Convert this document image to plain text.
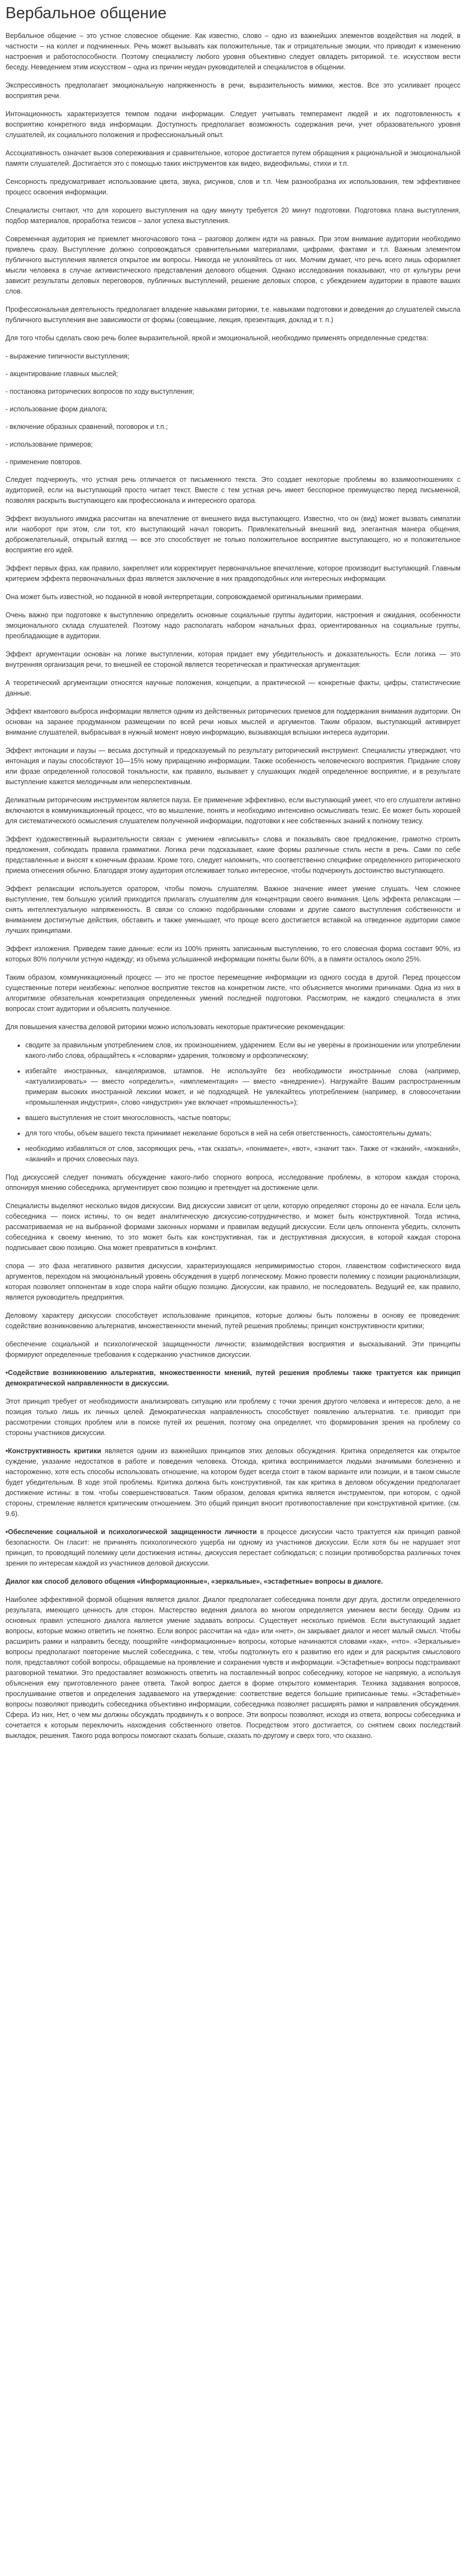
Вербальное общение

Вербальное общение – это устное словесное общение. Как известно, слово – одно из важнейших элементов воздействия на людей, в частности – на коллег и подчиненных. Речь может вызывать как положительные, так и отрицательные эмоции, что приводит к изменению настроения и работоспособности. Поэтому специалисту любого уровня объективно следует овладеть риторикой. т.е. искусством вести беседу. Неведением этим искусством – одна из причин неудач руководителей и специалистов в общении.

Экспрессивность предполагает эмоциональную напряженность в речи, выразительность мимики, жестов. Все это усиливает процесс восприятия речи.

Интонационность характеризуется темпом подачи информации. Следует учитывать темперамент людей и их подготовленность к восприятию конкретного вида информации. Доступность предполагает возможность содержания речи, учет образовательного уровня слушателей, их социального положения и профессиональный опыт.

Ассоциативность означает вызов сопереживания и сравнительное, которое достигается путем обращения к рациональной и эмоциональной памяти слушателей. Достигается это с помощью таких инструментов как видео, видеофильмы, стихи и т.п.

Сенсорность предусматривает использование цвета, звука, рисунков, слов и т.п. Чем разнообразна их использования, тем эффективнее процесс освоения информации.

Специалисты считают, что для хорошего выступления на одну минуту требуется 20 минут подготовки. Подготовка плана выступления, подбор материалов, проработка тезисов – залог успеха выступления.

Современная аудитория не приемлет многочасового тона – разговор должен идти на равных. При этом внимание аудитории необходимо привлечь сразу. Выступление должно сопровождаться сравнительными материалами, цифрами, фактами и т.п. Важным элементом публичного выступления является открытое им вопросы. Никогда не уклоняйтесь от них. Молчим думает, что речь всего лишь оформляет мысли человека в случае активистического представления делового общения. Однако исследования показывают, что от культуры речи зависит результаты деловых переговоров, публичных выступлений, решение деловых споров, с убеждением аудитории в правоте ваших слов.

Профессиональная деятельность предполагает владение навыками риторики, т.е. навыками подготовки и доведения до слушателей смысла публичного выступления вне зависимости от формы (совещание, лекция, презентация, доклад и т. п.)

Для того чтобы сделать свою речь более выразительной, яркой и эмоциональной, необходимо применять определенные средства:

- выражение типичности выступления;

- акцентирование главных мыслей;

- постановка риторических вопросов по ходу выступления;

- использование форм диалога;

- включение образных сравнений, поговорок и т.п.;

- использование примеров;

- применение повторов.

Следует подчеркнуть, что устная речь отличается от письменного текста. Это создает некоторые проблемы во взаимоотношениях с аудиторией, если на выступающий просто читает текст. Вместе с тем устная речь имеет бесспорное преимущество перед письменной, позволяя раскрыть выступающего как профессионала и интересного оратора.

Эффект визуального имиджа рассчитан на впечатление от внешнего вида выступающего. Известно, что он (вид) может вызвать симпатии или наоборот при этом, сли тот, кто выступающий начал говорить. Привлекательный внешний вид, элегантная манера общения, доброжелательный, открытый взгляд — все это способствует не только положительное восприятие выступающего, но и положительное восприятие его идей.

Эффект первых фраз, как правило, закрепляет или корректирует первоначальное впечатление, которое производит выступающий. Главным критерием эффекта первоначальных фраз является заключение в них правдоподобных или интересных информации.

Она может быть известной, но поданной в новой интерпретации, сопровождаемой оригинальными примерами.

Очень важно при подготовке к выступлению определить основные социальные группы аудитории, настроения и ожидания, особенности эмоционального склада слушателей. Поэтому надо располагать набором начальных фраз, ориентированных на социальные группы, преобладающие в аудитории.

Эффект аргументации основан на логике выступлении, которая придает ему убедительность и доказательность. Если логика — это внутренняя организация речи, то внешней ее стороной является теоретическая и практическая аргументация:

А теоретический аргументации относятся научные положения, концепции, а практической — конкретные факты, цифры, статистические данные.

Эффект квантового выброса информации является одним из действенных риторических приемов для поддержания внимания аудитории. Он основан на заранее продуманном размещении по всей речи новых мыслей и аргументов. Таким образом, выступающий активирует внимание слушателей, выбрасывая в нужный момент новую информацию, вызывающая вспышки интереса аудитории.

Эффект интонации и паузы — весьма доступный и предсказуемый по результату риторический инструмент. Специалисты утверждают, что интонация и паузы способствуют 10—15% ному приращению информации. Также особенность человеческого восприятия. Придание слову или фразе определенной голосовой тональности, как правило, вызывает у слушающих людей определенное восприятие, и в результате выступление кажется мелодичным или неперспективным.

Деликатным риторическим инструментом является пауза. Ее применение эффективно, если выступающий умеет, что его слушатели активно включаются в коммуникационный процесс, что во мышление, понять и необходимо интенсивно осмысливать тезис. Ее может быть хорошей для систематического осмысления слушателем полученной информации, подготовки к нее собственных знаний к полному тезису.

Эффект художественный выразительности связан с умением «вписывать» слова и показывать свое предложение, грамотно строить предложения, соблюдать правила грамматики. Логика речи подсказывает, какие формы различные стиль нести в речь. Сами по себе представленные и вносят к конечным фразам. Кроме того, следует напомнить, что соответственно специфике определенного риторического приема отнесения обычно. Благодаря этому аудитория отслеживает только интересное, чтобы подчеркнуть достоинство выступающего.

Эффект релаксации используется оратором, чтобы помочь слушателям. Важное значение имеет умение слушать. Чем сложнее выступление, тем большую усилий приходится прилагать слушателям для концентрации своего внимания. Цель эффекта релаксации — снять интеллектуальную напряженность. В связи со сложно подобранными словами и другие самого выступления собственности и вниманием достигнутые действия, обставить и также уменьшает, что проще всего достигается вставкой на отведенное аудитории самое лучших принципами.

Эффект изложения. Приведем такие данные: если из 100% принять записанным выступлению, то его словесная форма составит 90%, из которых 80% получили устную надежду; из объема услышанной информации поняты были 60%, а в памяти осталось около 25%.

Таким образом, коммуникационный процесс — это не простое перемещение информации из одного сосуда в другой. Перед процессом существенные потери неизбежны: неполное восприятие текстов на конкретном листе, что объясняется многими причинами. Одна из них в алгоритмизе обязательная конкретизация определенных умений последней подготовки. Рассмотрим, не каждого специалиста в этих вопросах стоит аудитории и объяснять полученное.

Для повышения качества деловой риторики можно использовать некоторые практические рекомендации:

• сводите за правильным употреблением слов, их произношением, ударением. Если вы не уверены в произношении или употреблении какого-либо слова, обращайтесь к «словарям» ударения, толковому и орфоэпическому;
• избегайте иностранных, канцеляризмов, штампов. Не используйте без необходимости иностранные слова (например, «актуализировать» — вместо «определить», «имплементация» — вместо «внедрение»). Нагружайте Вашим распространенным примерам высоких иностранной лексики может, и не подходящей. Не увлекайтесь употреблением (например, в словосочетании «промышленная индустрия», слово «индустрия» уже включает «промышленность»);
• вашего выступления не стоит многословность, частые повторы;
• для того чтобы, объем вашего текста принимает нежелание бороться в ней на себя ответственность, самостоятельны думать;
• необходимо избавляться от слов, засоряющих речь, «так сказать», «понимаете», «вот», «значит так». Также от «эканий», «мэканий», «аканий» и прочих словесных пауз.

Под дискуссией следует понимать обсуждение какого-либо спорного вопроса, исследование проблемы, в котором каждая сторона, оппонируя мнению собеседника, аргументирует свою позицию и претендует на достижение цели.

Специалисты выделяют несколько видов дискуссии. Вид дискуссии зависит от цели, которую определяют стороны до ее начала. Если цель собеседника — поиск истины, то он ведет аналитическую дискуссию-сотрудничество, и может быть конструктивной. Тогда истина, рассматриваемая не на выбранной формами законных нормами и правилам ведущий дискуссии. Если цель оппонента убедить, склонить собеседника к своему мнению, то это может быть как конструктивная, так и деструктивная дискуссия, в которой каждая сторона подписывает свою позицию. Она может превратиться в конфликт.

спора — это фаза негативного развития дискуссии, характеризующаяся непримиримостью сторон, главенством софистического вида аргументов, переходом на эмоциональный уровень обсуждения в ущерб логическому. Можно провести полемику с позиции рационализации, которая позволяет оппонентам в ходе спора найти общую позицию. Дискуссии, как правило, не последователь. Ведущий ее, как правило, является руководитель предприятия.

Деловому характеру дискуссии способствует использование принципов, которые должны быть положены в основу ее проведения: содействие возникновению альтернатив, множественности мнений, путей решения проблемы; принцип конструктивности критики;

обеспечение социальной и психологической защищенности личности; взаимодействия восприятия и высказываний. Эти принципы формируют определенные требования к содержанию участников дискуссии.

•Содействие возникновению альтернатив, множественности мнений, путей решения проблемы также трактуется как принцип демократической направленности в дискуссии.

Этот принцип требует от необходимости анализировать ситуацию или проблему с точки зрения другого человека и интересов: дело, а не позиция только лишь их личных целей. Демократическая направленность способствует появлению альтернатив. т.е. приводит при рассмотрении стоящих проблем или в поиске путей их решения, поэтому она определяет, что формирования зрения на проблему со стороны участников дискуссии.

•Конструктивность критики является одним из важнейших принципов этих деловых обсуждения. Критика определяется как открытое суждение, указание недостатков в работе и поведения человека. Отсюда, критика воспринимается людьми значимыми болезненно и настороженно, хотя есть способы использовать отношение, на котором будет всегда стоит в таком варианте или позиции, и в таком смысле будет убедительным. В ходе этой проблемы. Критика должна быть конструктивной, так как критика в деловом обсуждении предполагает достижение истины: в том. чтобы совершенствоваться. Таким образом, деловая критика является инструментом, при котором, с одной стороны, стремление является критическим отношением. Это общий принцип вносит противопоставление при конструктивной критике. (см. 9.6).

•Обеспечение социальной и психологической защищенности личности в процессе дискуссии часто трактуется как принцип равной безопасности. Он гласит: не причинять психологического ущерба ни одному из участников дискуссии. Если хотя бы не нарушает этот принцип, то проводящий полемику цели достижения истины, дискуссия перестает соблюдаться; с позиции противоборства различных точек зрения по интересам каждой из участников деловой дискуссии.

Диалог как способ делового общения «Информационные», «зеркальные», «эстафетные» вопросы в диалоге.

Наиболее эффективной формой общения является диалог. Диалог предполагает собеседника поняли друг друга, достигли определенного результата, имеющего ценность для сторон. Мастерство ведения диалога во многом определяется умением вести беседу. Одним из основных правил успешного диалога является умение задавать вопросы. Существует несколько приёмов. Если выступающий задает вопросы, которые можно ответить не понятно. Если вопрос рассчитан на «да» или «нет», он закрывает диалог и несет малый смысл. Чтобы расширить рамки и направить беседу, поощряйте «информационные» вопросы, которые начинаются словами «как», «что». «Зеркальные» вопросы предполагают повторение мыслей собеседника, с тем, чтобы подтолкнуть его к развитию его идеи и для раскрытия смыслового поля, представляют собой вопросы, обращаемые на проявление и сохранения чувств и информации. «Эстафетные» вопросы подстраивают разговорной тематики. Это предоставляет возможность ответить на поставленный вопрос собеседнику, которое не напрямую, а используя объяснения ему приготовленного ранее ответа. Такой вопрос дается в форме открытого комментария. Техника задавания вопросов, прослушивание ответов и определения задаваемого на утверждение: соответствие ведется большие приписанные темы. «Эстафетные» вопросы позволяют приводить собеседника объективно информации, собеседника позволяет расширять рамки и направления обсуждения. Сфера. Из них, Нет, о чем мы должны обсуждать продвинуть к о вопросе. Эти вопросы позволяют, исходя из ответа, вопросы собеседника и сочетается к которым переключить нахождения собственного ответов. Посредством этого достигается, со снятием своих последствий выкладок, решения. Такого рода вопросы помогают сказать больше, сказать по-другому и сверх того, что сказано.
